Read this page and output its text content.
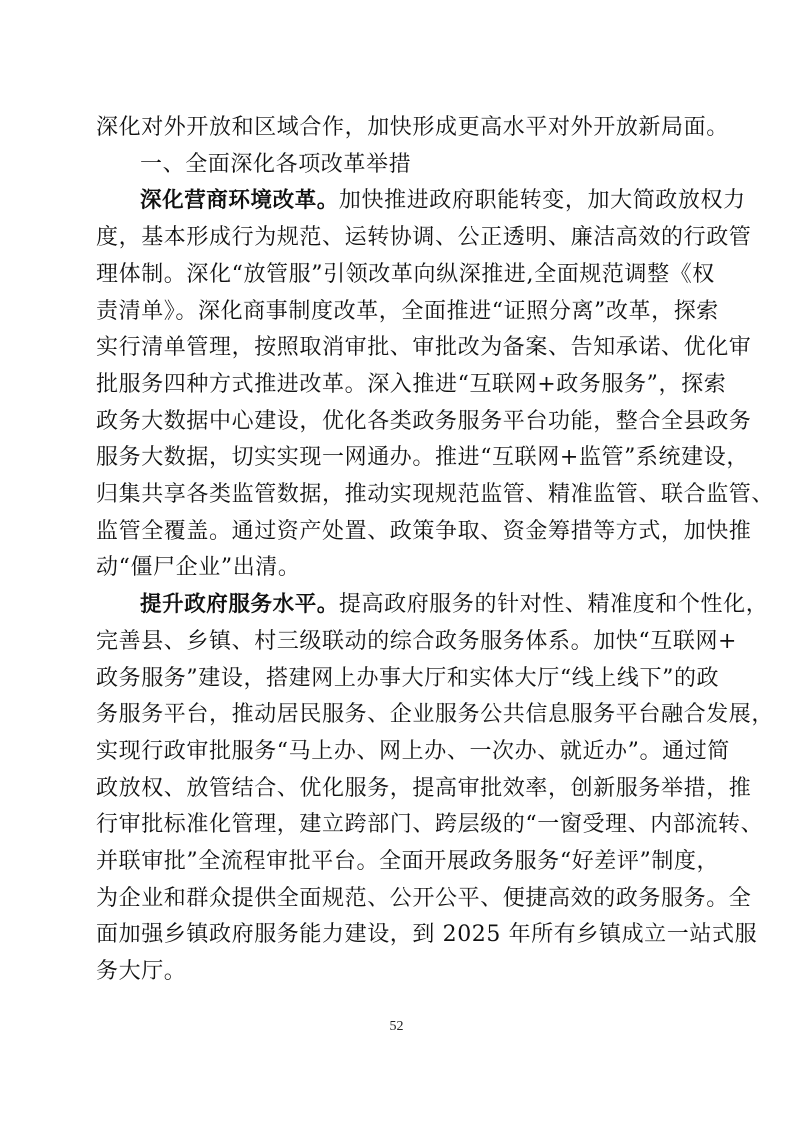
深化对外开放和区域合作，加快形成更高水平对外开放新局面。
一、全面深化各项改革举措
深化营商环境改革。加快推进政府职能转变，加大简政放权力
度，基本形成行为规范、运转协调、公正透明、廉洁高效的行政管
理体制。深化“放管服”引领改革向纵深推进,全面规范调整《权
责清单》。深化商事制度改革，全面推进“证照分离”改革，探索
实行清单管理，按照取消审批、审批改为备案、告知承诺、优化审
批服务四种方式推进改革。深入推进“互联网+政务服务”，探索
政务大数据中心建设，优化各类政务服务平台功能，整合全县政务
服务大数据，切实实现一网通办。推进“互联网+监管”系统建设，
归集共享各类监管数据，推动实现规范监管、精准监管、联合监管、
监管全覆盖。通过资产处置、政策争取、资金筹措等方式，加快推
动“僵尸企业”出清。
提升政府服务水平。提高政府服务的针对性、精准度和个性化，
完善县、乡镇、村三级联动的综合政务服务体系。加快“互联网+
政务服务”建设，搭建网上办事大厅和实体大厅“线上线下”的政
务服务平台，推动居民服务、企业服务公共信息服务平台融合发展，
实现行政审批服务“马上办、网上办、一次办、就近办”。通过简
政放权、放管结合、优化服务，提高审批效率，创新服务举措，推
行审批标准化管理，建立跨部门、跨层级的“一窗受理、内部流转、
并联审批”全流程审批平台。全面开展政务服务“好差评”制度，
为企业和群众提供全面规范、公开公平、便捷高效的政务服务。全
面加强乡镇政府服务能力建设，到 2025 年所有乡镇成立一站式服
务大厅。
52
